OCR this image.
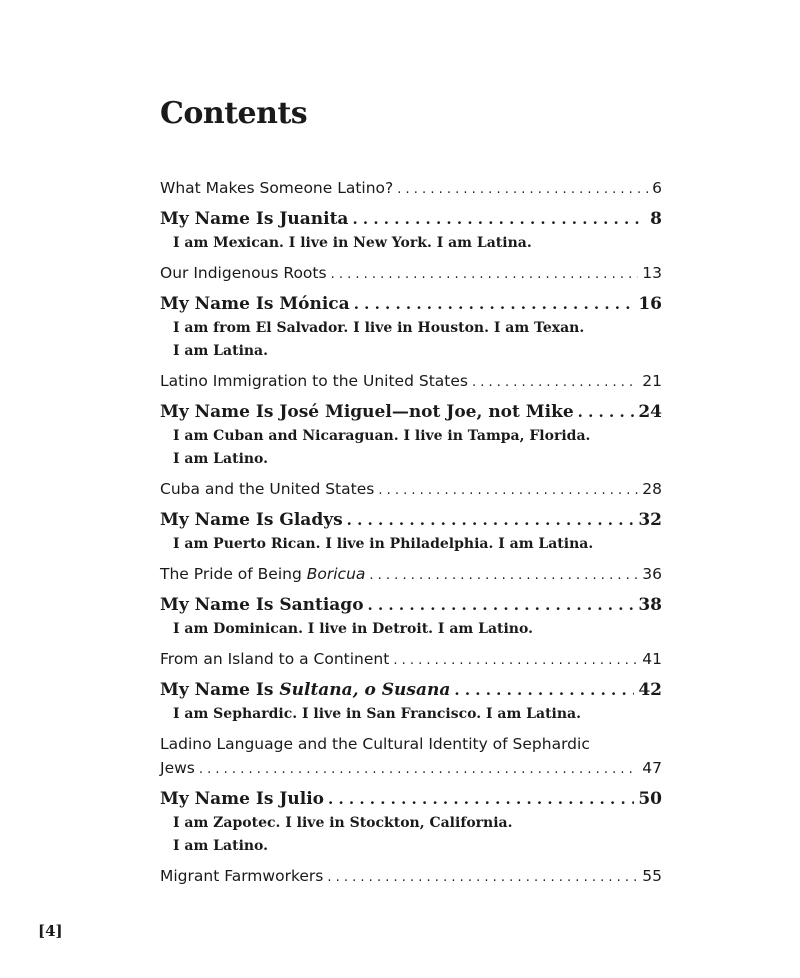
Contents
What Makes Someone Latino? . . .	6
My Name Is Juanita . . .	8
I am Mexican. I live in New York. I am Latina.
Our Indigenous Roots . . .	13
My Name Is Mónica . . .	16
I am from El Salvador. I live in Houston. I am Texan.
I am Latina.
Latino Immigration to the United States . . .	21
My Name Is José Miguel—not Joe, not Mike . . .	24
I am Cuban and Nicaraguan. I live in Tampa, Florida.
I am Latino.
Cuba and the United States . . .	28
My Name Is Gladys . . .	32
I am Puerto Rican. I live in Philadelphia. I am Latina.
The Pride of Being Boricua . . .	36
My Name Is Santiago . . .	38
I am Dominican. I live in Detroit. I am Latino.
From an Island to a Continent . . .	41
My Name Is Sultana, o Susana . . .	42
I am Sephardic. I live in San Francisco. I am Latina.
Ladino Language and the Cultural Identity of Sephardic
Jews . . .	47
My Name Is Julio . . .	50
I am Zapotec. I live in Stockton, California.
I am Latino.
Migrant Farmworkers . . .	55
[4]
